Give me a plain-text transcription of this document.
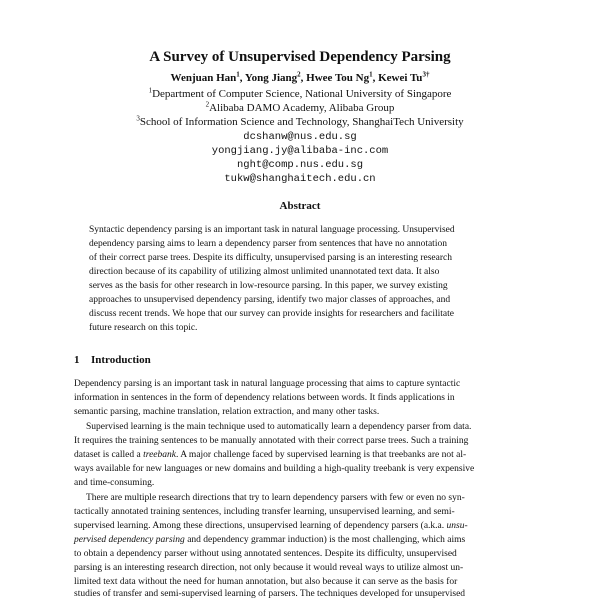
A Survey of Unsupervised Dependency Parsing
Wenjuan Han$^1$, Yong Jiang$^2$, Hwee Tou Ng$^1$, Kewei $Tu^{3\dagger}$
$^1$Department of Computer Science, National University of Singapore
$^2$Alibaba DAMO Academy, Alibaba Group
$^3$School of Information Science and Technology, ShanghaiTech University
dcshanw@nus.edu.sg
yongjiang.jy@alibaba-inc.com
nght@comp.nus.edu.sg
tukw@shanghaitech.edu.cn
Abstract
Syntactic dependency parsing is an important task in natural language processing. Unsupervised
dependency parsing aims to learn a dependency parser from sentences that have no annotation
of their correct parse trees. Despite its difficulty, unsupervised parsing is an interesting research
direction because of its capability of utilizing almost unlimited unannotated text data. It also
serves as the basis for other research in low-resource parsing. In this paper, we survey existing
approaches to unsupervised dependency parsing, identify two major classes of approaches, and
discuss recent trends. We hope that our survey can provide insights for researchers and facilitate
future research on this topic.
1 Introduction
Dependency parsing is an important task in natural language processing that aims to capture syntactic
information in sentences in the form of dependency relations between words. It finds applications in
semantic parsing, machine translation, relation extraction, and many other tasks.
Supervised learning is the main technique used to automatically learn a dependency parser from data.
It requires the training sentences to be manually annotated with their correct parse trees. Such a training
dataset is called a treebank. A major challenge faced by supervised learning is that treebanks are not al-
ways available for new languages or new domains and building a high-quality treebank is very expensive
and time-consuming.
There are multiple research directions that try to learn dependency parsers with few or even no syn-
tactically annotated training sentences, including transfer learning, unsupervised learning, and semi-
supervised learning. Among these directions, unsupervised learning of dependency parsers (a.k.a. unsu-
pervised dependency parsing and dependency grammar induction) is the most challenging, which aims
to obtain a dependency parser without using annotated sentences. Despite its difficulty, unsupervised
parsing is an interesting research direction, not only because it would reveal ways to utilize almost un-
limited text data without the need for human annotation, but also because it can serve as the basis for
studies of transfer and semi-supervised learning of parsers. The techniques developed for unsupervised
